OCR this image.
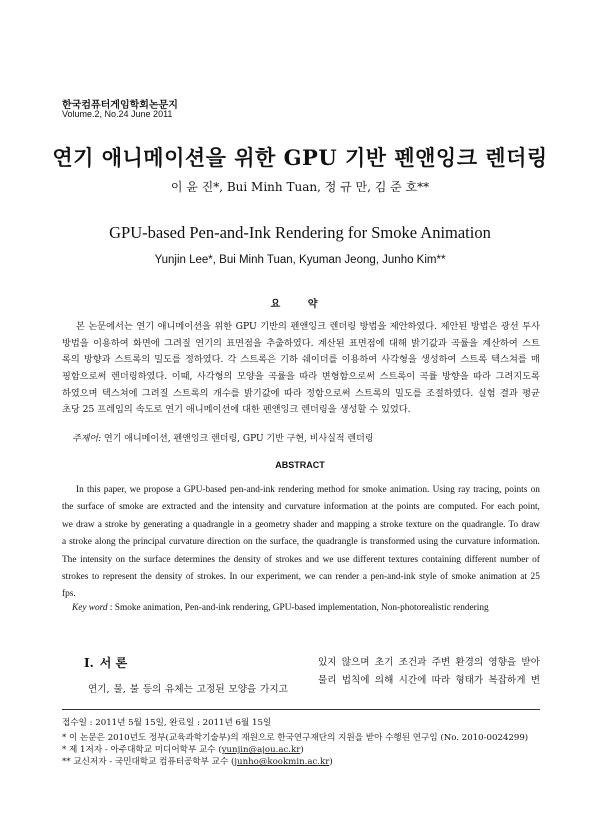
한국컴퓨터게임학회논문지
Volume.2, No.24 June 2011
연기 애니메이션을 위한 GPU 기반 펜앤잉크 렌더링
이 윤 진*, Bui Minh Tuan, 정 규 만, 김 준 호**
GPU-based Pen-and-Ink Rendering for Smoke Animation
Yunjin Lee*, Bui Minh Tuan, Kyuman Jeong, Junho Kim**
요 약
본 논문에서는 연기 애니메이션을 위한 GPU 기반의 펜앤잉크 렌더링 방법을 제안하였다. 제안된 방법은 광선 투사
방법을 이용하여 화면에 그려질 연기의 표면점을 추출하였다. 계산된 표면점에 대해 밝기값과 곡률을 계산하여 스트
록의 방향과 스트록의 밀도를 정하였다. 각 스트록은 기하 쉐이더를 이용하여 사각형을 생성하여 스트록 텍스쳐를 매
핑함으로써 렌더링하였다. 이때, 사각형의 모양을 곡률을 따라 변형함으로써 스트록이 곡률 방향을 따라 그려지도록
하였으며 텍스쳐에 그려질 스트록의 개수를 밝기값에 따라 정함으로써 스트록의 밀도를 조절하였다. 실험 결과 평균
초당 25 프레임의 속도로 연기 애니메이션에 대한 펜앤잉크 렌더링을 생성할 수 있었다.
주제어: 연기 애니메이션, 펜앤잉크 렌더링, GPU 기반 구현, 비사실적 렌더링
ABSTRACT
In this paper, we propose a GPU-based pen-and-ink rendering method for smoke animation. Using ray tracing, points on
the surface of smoke are extracted and the intensity and curvature information at the points are computed. For each point,
we draw a stroke by generating a quadrangle in a geometry shader and mapping a stroke texture on the quadrangle. To draw
a stroke along the principal curvature direction on the surface, the quadrangle is transformed using the curvature information.
The intensity on the surface determines the density of strokes and we use different textures containing different number of
strokes to represent the density of strokes. In our experiment, we can render a pen-and-ink style of smoke animation at 25
fps.
Key word : Smoke animation, Pen-and-ink rendering, GPU-based implementation, Non-photorealistic rendering
Ⅰ. 서 론
연기, 물, 불 등의 유체는 고정된 모양을 가지고
있지 않으며 초기 조건과 주변 환경의 영향을 받아
물리 법칙에 의해 시간에 따라 형태가 복잡하게 변
접수일 : 2011년 5월 15일, 완료일 : 2011년 6월 15일
* 이 논문은 2010년도 정부(교육과학기술부)의 재원으로 한국연구재단의 지원을 받아 수행된 연구임 (No. 2010-0024299)
* 제 1저자 - 아주대학교 미디어학부 교수 (yunjin@ajou.ac.kr)
** 교신저자 - 국민대학교 컴퓨터공학부 교수 (junho@kookmin.ac.kr)
